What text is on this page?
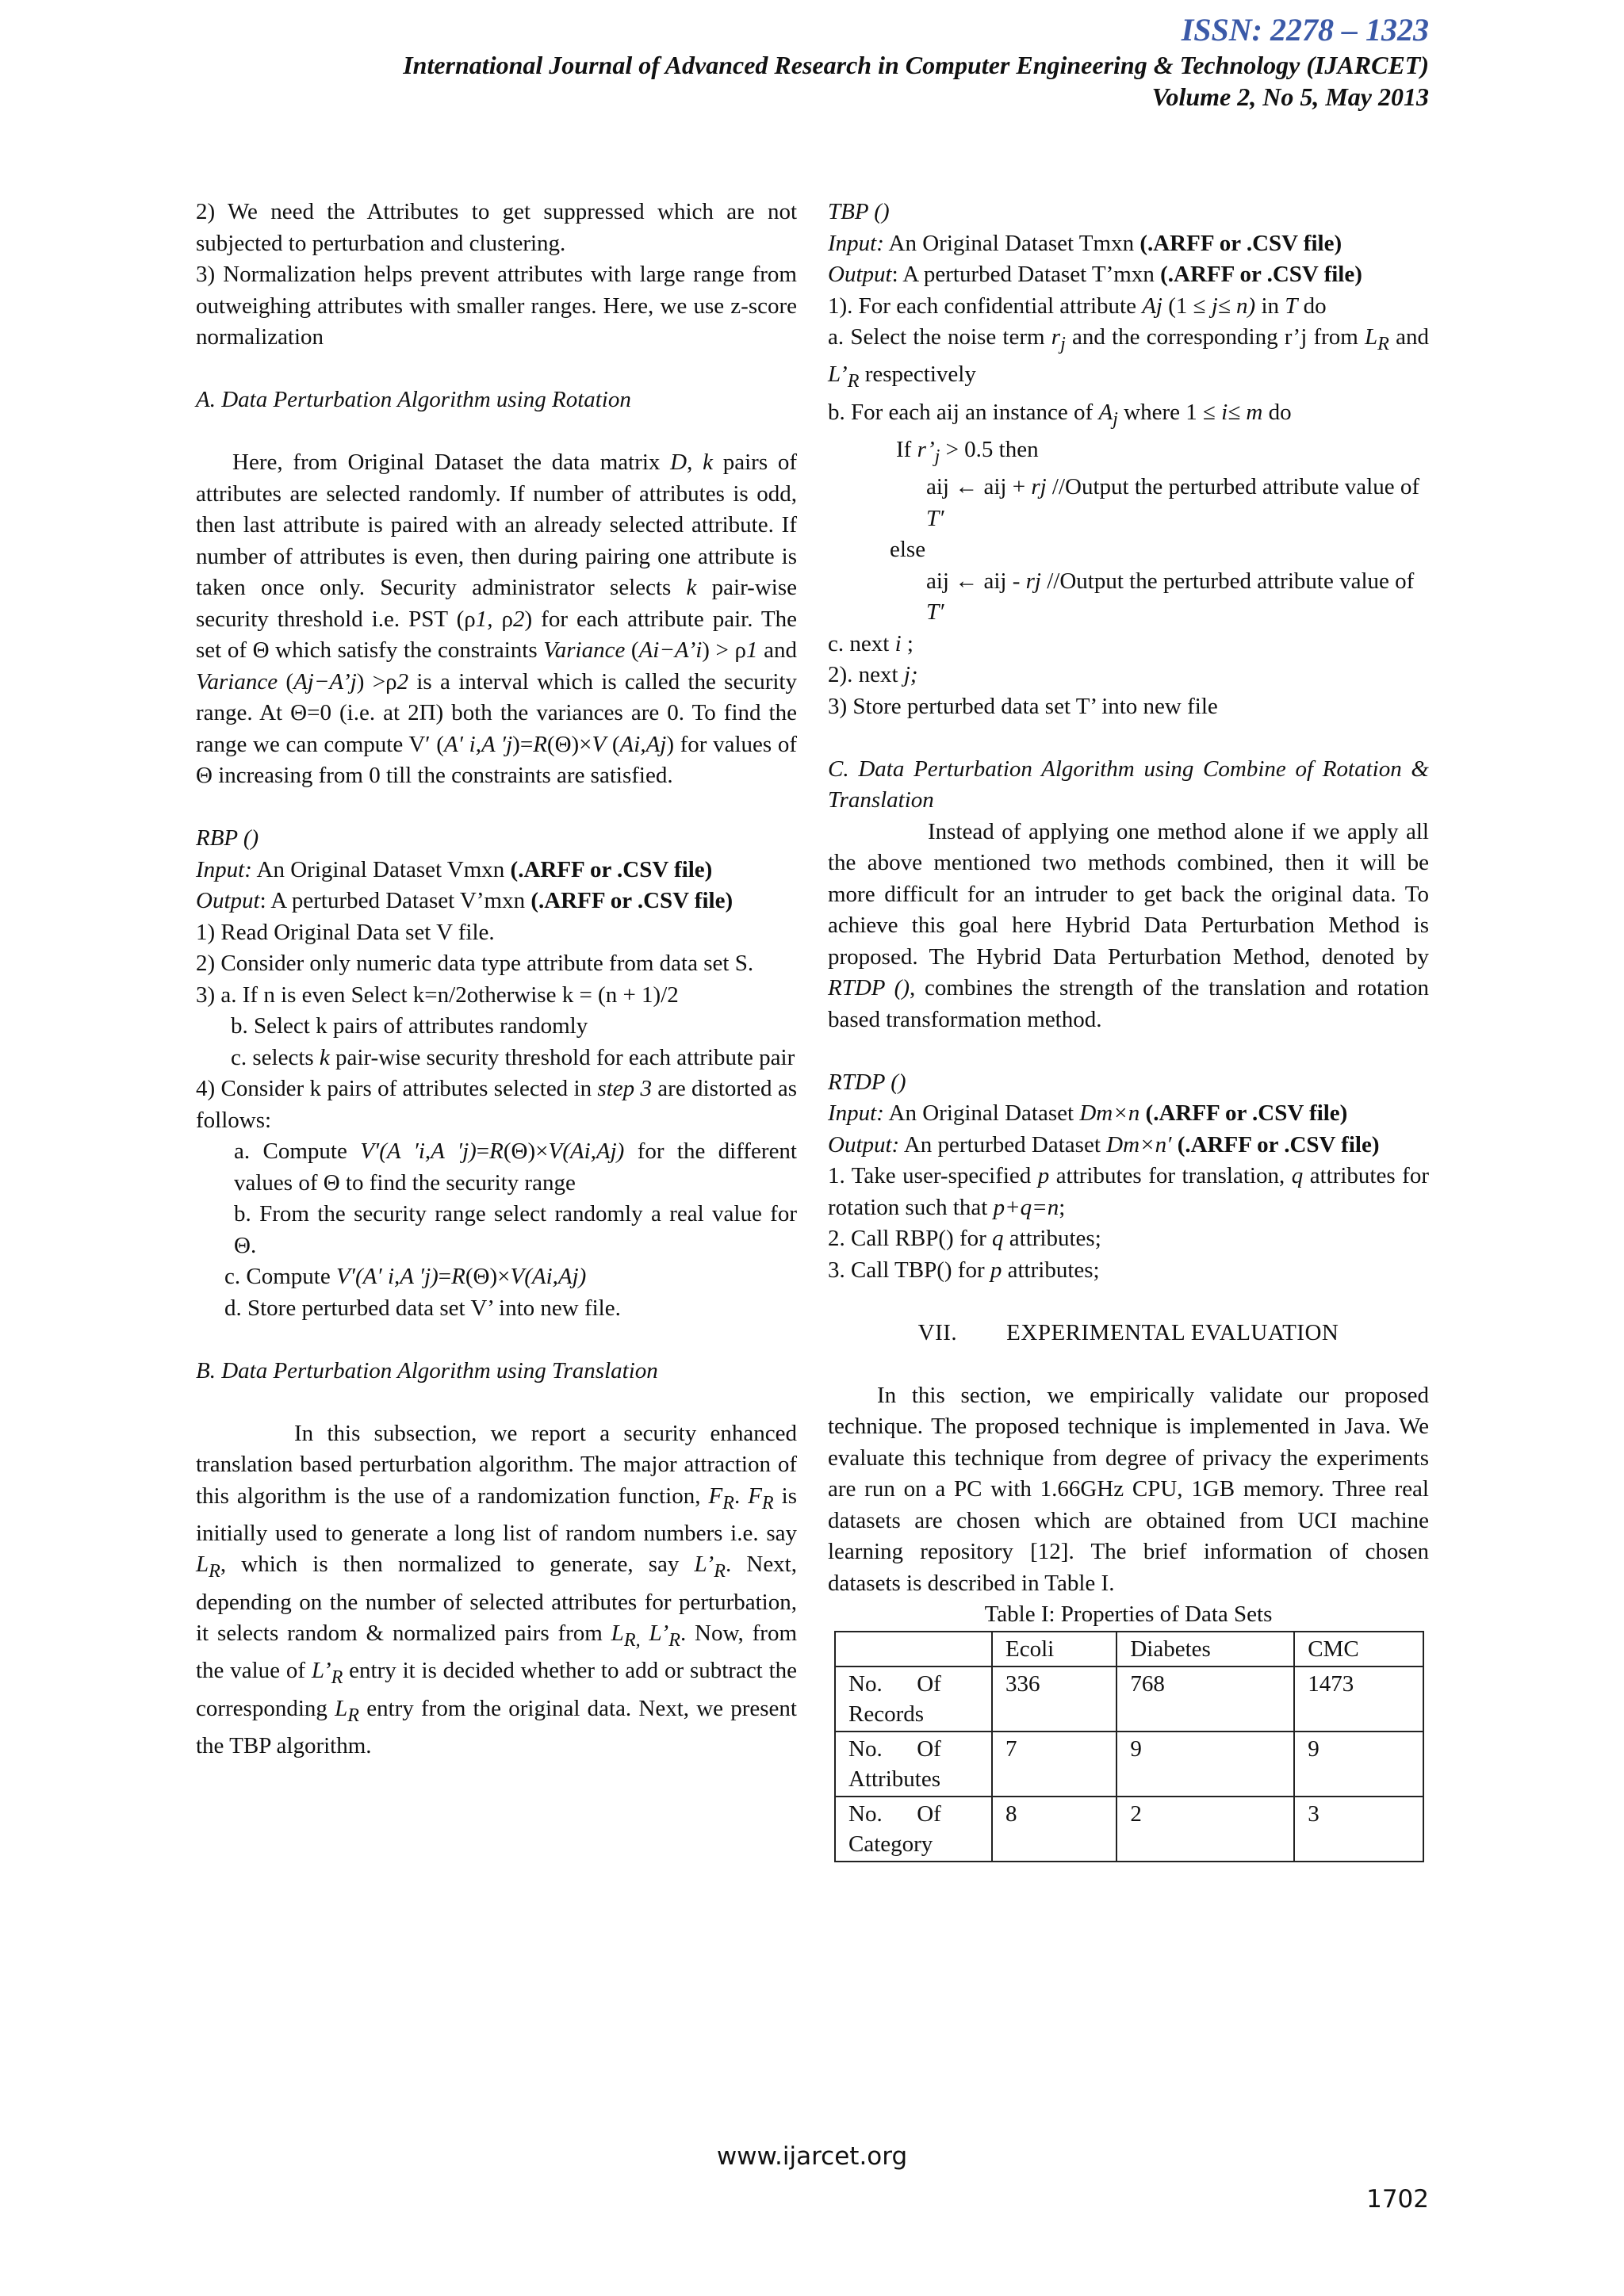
ISSN: 2278 – 1323
International Journal of Advanced Research in Computer Engineering & Technology (IJARCET)
Volume 2, No 5, May 2013

2) We need the Attributes to get suppressed which are not subjected to perturbation and clustering.

3) Normalization helps prevent attributes with large range from outweighing attributes with smaller ranges. Here, we use z-score normalization

A. Data Perturbation Algorithm using Rotation

Here, from Original Dataset the data matrix D, k pairs of attributes are selected randomly. If number of attributes is odd, then last attribute is paired with an already selected attribute. If number of attributes is even, then during pairing one attribute is taken once only. Security administrator selects k pair-wise security threshold i.e. PST (ρ1, ρ2) for each attribute pair. The set of Θ which satisfy the constraints Variance (Ai−A’i) > ρ1 and Variance (Aj−A’j) >ρ2 is a interval which is called the security range. At Θ=0 (i.e. at 2Π) both the variances are 0. To find the range we can compute V′ (A′ i,A ′j)=R(Θ)×V (Ai,Aj) for values of Θ increasing from 0 till the constraints are satisfied.

RBP ()

Input: An Original Dataset Vmxn (.ARFF or .CSV file)

Output: A perturbed Dataset V’mxn (.ARFF or .CSV file)

1) Read Original Data set V file.

2) Consider only numeric data type attribute from data set S.

3) a. If n is even Select k=n/2otherwise k = (n + 1)/2

b. Select k pairs of attributes randomly

c. selects k pair-wise security threshold for each attribute pair

4) Consider k pairs of attributes selected in step 3 are distorted as follows:

a. Compute V′(A ′i,A ′j)=R(Θ)×V(Ai,Aj) for the different values of Θ to find the security range

b. From the security range select randomly a real value for Θ.

c. Compute V′(A′ i,A ′j)=R(Θ)×V(Ai,Aj)

d. Store perturbed data set V’ into new file.

B. Data Perturbation Algorithm using Translation

In this subsection, we report a security enhanced translation based perturbation algorithm. The major attraction of this algorithm is the use of a randomization function, $F_R$. $F_R$ is initially used to generate a long list of random numbers i.e. say $L_R$, which is then normalized to generate, say $L’_R$. Next, depending on the number of selected attributes for perturbation, it selects random & normalized pairs from $L_{R,}$ $L’_R$. Now, from the value of $L’_R$ entry it is decided whether to add or subtract the corresponding $L_R$ entry from the original data. Next, we present the TBP algorithm.

TBP ()

Input: An Original Dataset Tmxn (.ARFF or .CSV file)

Output: A perturbed Dataset T’mxn (.ARFF or .CSV file)

1). For each confidential attribute Aj (1 ≤ j≤ n) in T do

a. Select the noise term $r_j$ and the corresponding r’j from $L_R$ and $L’_R$ respectively

b. For each aij an instance of $A_j$ where 1 ≤ i≤ m do

If $r’_j > 0.5$ then

aij ← aij + rj //Output the perturbed attribute value of T′

else

aij ← aij - rj //Output the perturbed attribute value of T′

c. next i ;

2). next j;

3) Store perturbed data set T’ into new file

C. Data Perturbation Algorithm using Combine of Rotation & Translation

Instead of applying one method alone if we apply all the above mentioned two methods combined, then it will be more difficult for an intruder to get back the original data. To achieve this goal here Hybrid Data Perturbation Method is proposed. The Hybrid Data Perturbation Method, denoted by RTDP (), combines the strength of the translation and rotation based transformation method.

RTDP ()

Input: An Original Dataset Dm×n (.ARFF or .CSV file)

Output: An perturbed Dataset Dm×n′ (.ARFF or .CSV file)

1. Take user-specified p attributes for translation, q attributes for rotation such that p+q=n;

2. Call RBP() for q attributes;

3. Call TBP() for p attributes;

VII.        EXPERIMENTAL EVALUATION

In this section, we empirically validate our proposed technique. The proposed technique is implemented in Java. We evaluate this technique from degree of privacy the experiments are run on a PC with 1.66GHz CPU, 1GB memory. Three real datasets are chosen which are obtained from UCI machine learning repository [12]. The brief information of chosen datasets is described in Table I.

Table I: Properties of Data Sets

	Ecoli	Diabetes	CMC
No.      Of Records	336	768	1473
No.      Of Attributes	7	9	9
No.      Of Category	8	2	3
www.ijarcet.org
1702
